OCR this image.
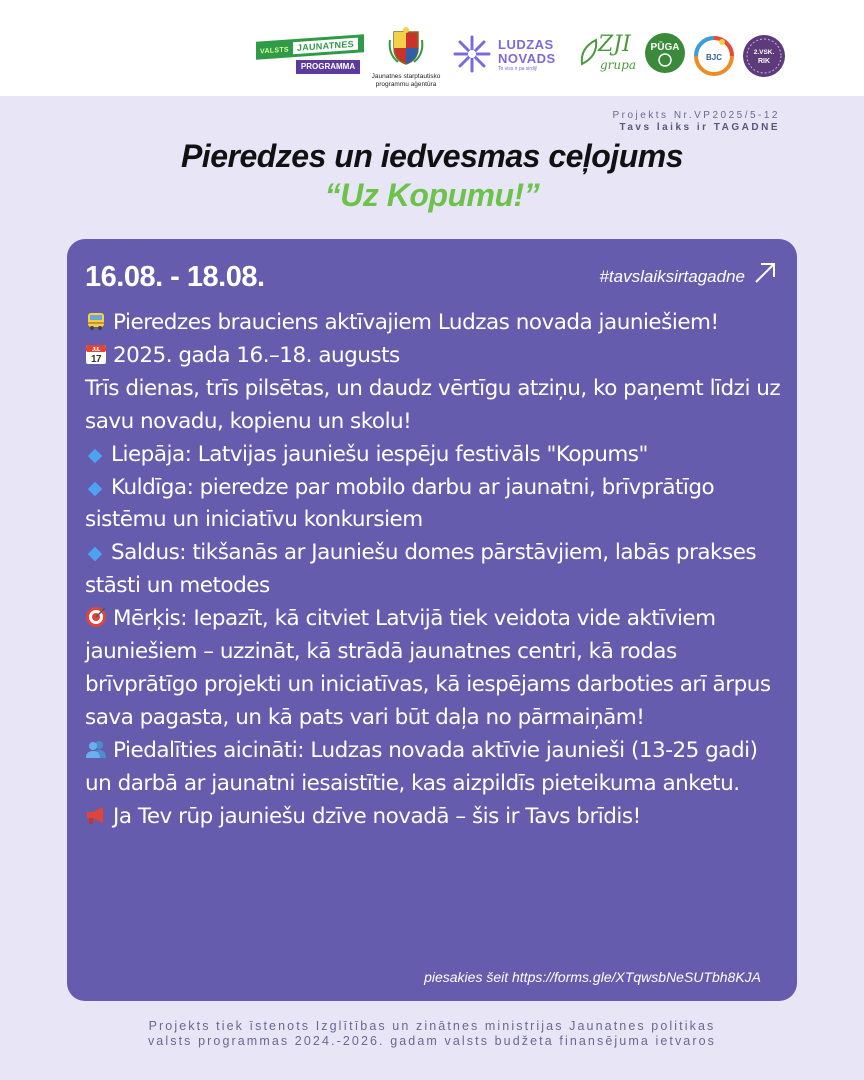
VALSTS JAUNATNES
PROGRAMMA
Jaunatnes starptautisko programmu aģentūra
LUDZAS
NOVADS
Te viss ir pa sirdij!
ZJI
grupa
PŪGA
BJC
2.VSK.
RIK
Projekts Nr.VP2025/5-12
Tavs laiks ir TAGADNE
Pieredzes un iedvesmas ceļojums
“Uz Kopumu!”
16.08. - 18.08.	#tavslaiksirtagadne

Pieredzes brauciens aktīvajiem Ludzas novada jauniešiem!

JUL
17 2025. gada 16.–18. augusts

Trīs dienas, trīs pilsētas, un daudz vērtīgu atziņu, ko paņemt līdzi uz savu novadu, kopienu un skolu!

Liepāja: Latvijas jauniešu iespēju festivāls "Kopums"

Kuldīga: pieredze par mobilo darbu ar jaunatni, brīvprātīgo sistēmu un iniciatīvu konkursiem

Saldus: tikšanās ar Jauniešu domes pārstāvjiem, labās prakses stāsti un metodes

Mērķis: Iepazīt, kā citviet Latvijā tiek veidota vide aktīviem jauniešiem – uzzināt, kā strādā jaunatnes centri, kā rodas brīvprātīgo projekti un iniciatīvas, kā iespējams darboties arī ārpus sava pagasta, un kā pats vari būt daļa no pārmaiņām!

Piedalīties aicināti: Ludzas novada aktīvie jaunieši (13-25 gadi) un darbā ar jaunatni iesaistītie, kas aizpildīs pieteikuma anketu.

Ja Tev rūp jauniešu dzīve novadā – šis ir Tavs brīdis!

piesakies šeit https://forms.gle/XTqwsbNeSUTbh8KJA
Projekts tiek īstenots Izglītības un zinātnes ministrijas Jaunatnes politikas
valsts programmas 2024.-2026. gadam valsts budžeta finansējuma ietvaros
